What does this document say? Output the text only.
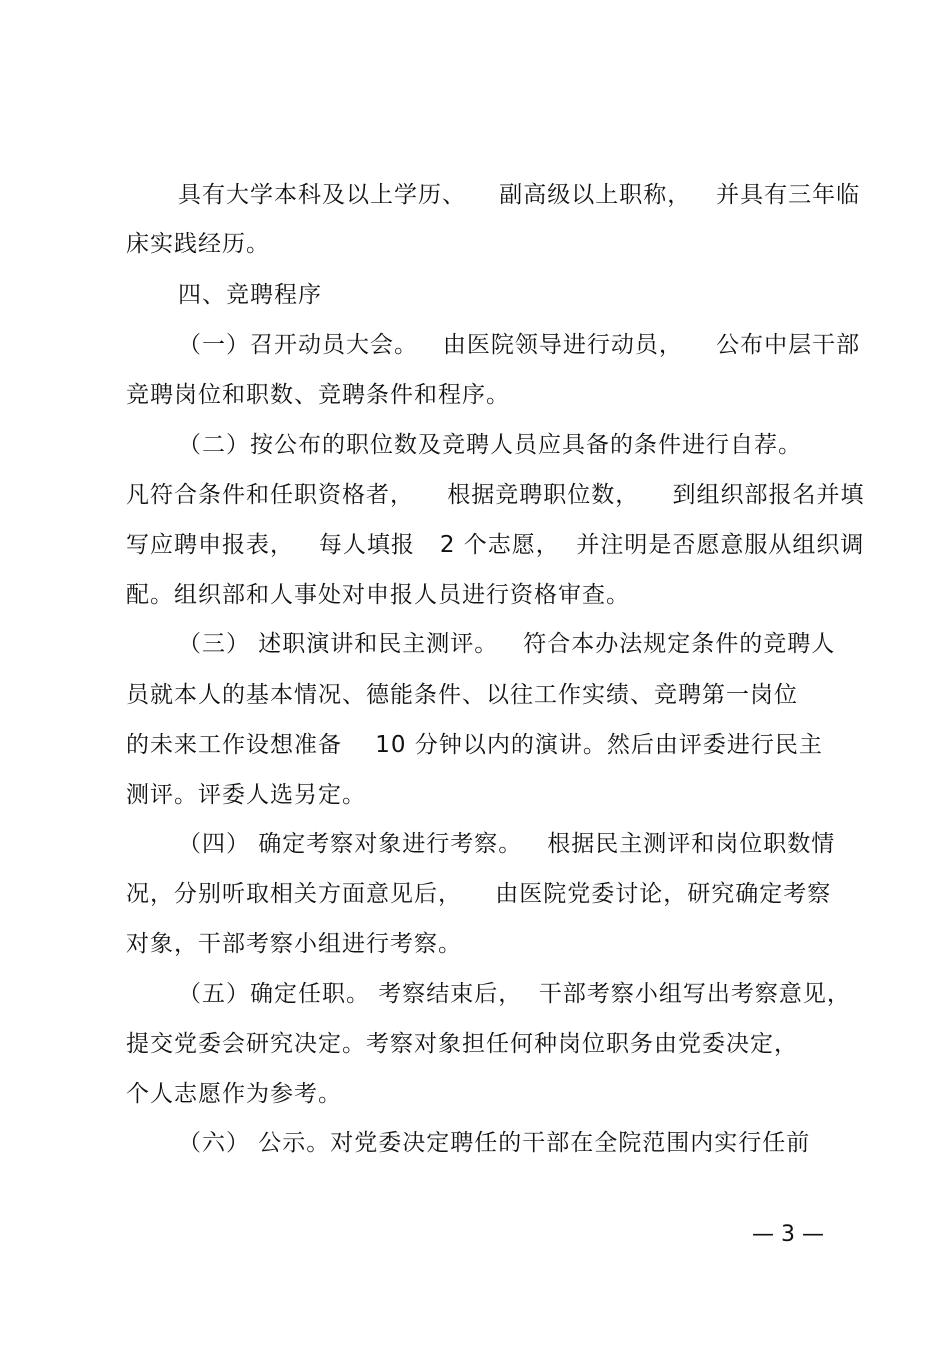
具有大学本科及以上学历、    副高级以上职称，   并具有三年临
床实践经历。
四、竞聘程序
（一）召开动员大会。   由医院领导进行动员，    公布中层干部
竞聘岗位和职数、竞聘条件和程序。
（二）按公布的职位数及竞聘人员应具备的条件进行自荐。
凡符合条件和任职资格者，    根据竞聘职位数，    到组织部报名并填
写应聘申报表，   每人填报   2 个志愿，  并注明是否愿意服从组织调
配。组织部和人事处对申报人员进行资格审查。
（三） 述职演讲和民主测评。   符合本办法规定条件的竞聘人
员就本人的基本情况、德能条件、以往工作实绩、竞聘第一岗位
的未来工作设想准备    10 分钟以内的演讲。然后由评委进行民主
测评。评委人选另定。
（四） 确定考察对象进行考察。   根据民主测评和岗位职数情
况，分别听取相关方面意见后，    由医院党委讨论，研究确定考察
对象，干部考察小组进行考察。
（五）确定任职。 考察结束后，  干部考察小组写出考察意见，
提交党委会研究决定。考察对象担任何种岗位职务由党委决定，
个人志愿作为参考。
（六） 公示。对党委决定聘任的干部在全院范围内实行任前
— 3 —
